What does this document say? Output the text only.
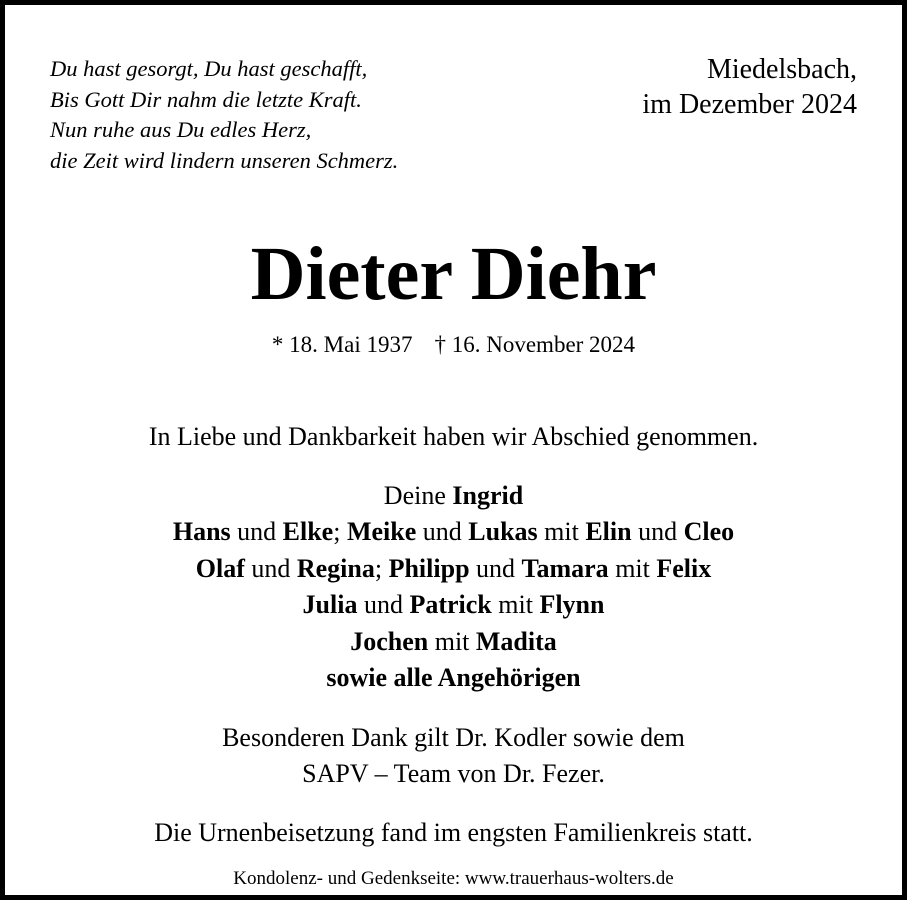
Du hast gesorgt, Du hast geschafft,
Bis Gott Dir nahm die letzte Kraft.
Nun ruhe aus Du edles Herz,
die Zeit wird lindern unseren Schmerz.
Miedelsbach,
im Dezember 2024
Dieter Diehr
* 18. Mai 1937 † 16. November 2024
In Liebe und Dankbarkeit haben wir Abschied genommen.
Deine Ingrid
Hans und Elke; Meike und Lukas mit Elin und Cleo
Olaf und Regina; Philipp und Tamara mit Felix
Julia und Patrick mit Flynn
Jochen mit Madita
sowie alle Angehörigen
Besonderen Dank gilt Dr. Kodler sowie dem
SAPV – Team von Dr. Fezer.
Die Urnenbeisetzung fand im engsten Familienkreis statt.
Kondolenz- und Gedenkseite: www.trauerhaus-wolters.de
